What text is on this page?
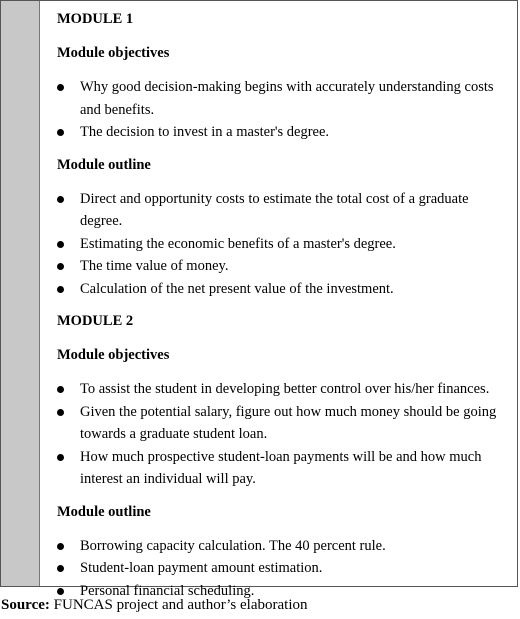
MODULE 1
Module objectives
Why good decision-making begins with accurately understanding costs and benefits.
The decision to invest in a master's degree.
Module outline
Direct and opportunity costs to estimate the total cost of a graduate degree.
Estimating the economic benefits of a master's degree.
The time value of money.
Calculation of the net present value of the investment.
MODULE 2
Module objectives
To assist the student in developing better control over his/her finances.
Given the potential salary, figure out how much money should be going towards a graduate student loan.
How much prospective student-loan payments will be and how much interest an individual will pay.
Module outline
Borrowing capacity calculation. The 40 percent rule.
Student-loan payment amount estimation.
Personal financial scheduling.
Source: FUNCAS project and author’s elaboration
